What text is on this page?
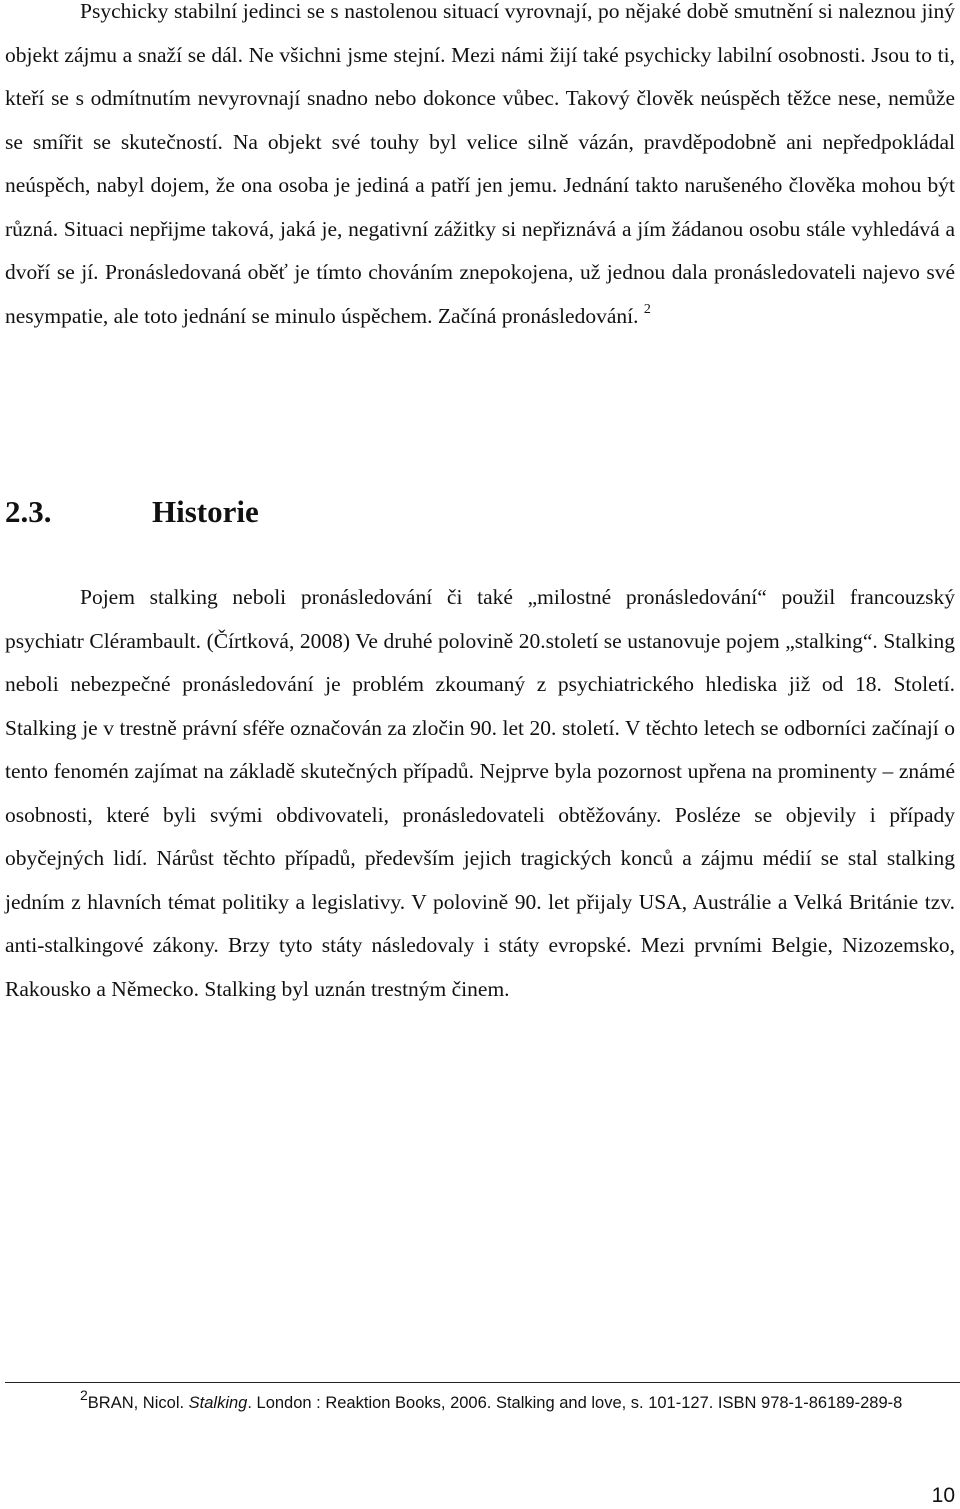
Psychicky stabilní jedinci se s nastolenou situací vyrovnají, po nějaké době smutnění si naleznou jiný objekt zájmu a snaží se dál. Ne všichni jsme stejní. Mezi námi žijí také psychicky labilní osobnosti. Jsou to ti, kteří se s odmítnutím nevyrovnají snadno nebo dokonce vůbec. Takový člověk neúspěch těžce nese, nemůže se smířit se skutečností. Na objekt své touhy byl velice silně vázán, pravděpodobně ani nepředpokládal neúspěch, nabyl dojem, že ona osoba je jediná a patří jen jemu. Jednání takto narušeného člověka mohou být různá. Situaci nepřijme taková, jaká je, negativní zážitky si nepřiznává a jím žádanou osobu stále vyhledává a dvoří se jí. Pronásledovaná oběť je tímto chováním znepokojena, už jednou dala pronásledovateli najevo své nesympatie, ale toto jednání se minulo úspěchem. Začíná pronásledování. $^2$

2.3.	Historie

Pojem stalking neboli pronásledování či také „milostné pronásledování“ použil francouzský psychiatr Clérambault. (Čírtková, 2008) Ve druhé polovině 20.století se ustanovuje pojem „stalking“. Stalking neboli nebezpečné pronásledování je problém zkoumaný z psychiatrického hlediska již od 18. Století. Stalking je v trestně právní sféře označován za zločin 90. let 20. století. V těchto letech se odborníci začínají o tento fenomén zajímat na základě skutečných případů. Nejprve byla pozornost upřena na prominenty – známé osobnosti, které byli svými obdivovateli, pronásledovateli obtěžovány. Posléze se objevily i případy obyčejných lidí. Nárůst těchto případů, především jejich tragických konců a zájmu médií se stal stalking jedním z hlavních témat politiky a legislativy. V polovině 90. let přijaly USA, Austrálie a Velká Británie tzv. anti-stalkingové zákony. Brzy tyto státy následovaly i státy evropské. Mezi prvními Belgie, Nizozemsko, Rakousko a Německo. Stalking byl uznán trestným činem.

$^2$BRAN, Nicol. Stalking. London : Reaktion Books, 2006. Stalking and love, s. 101-127. ISBN 978-1-86189-289-8

10
